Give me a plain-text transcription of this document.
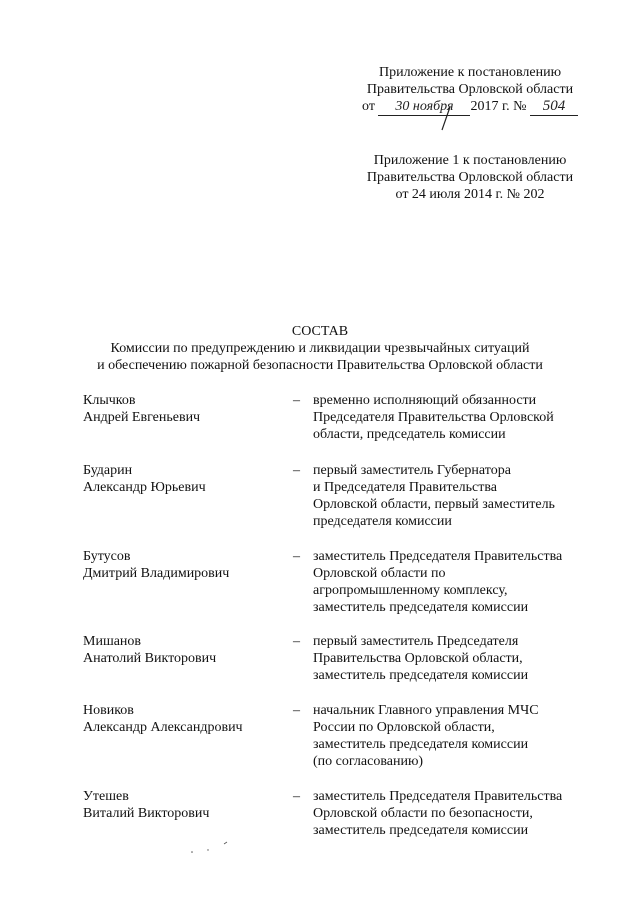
Приложение к постановлению
Правительства Орловской области
от 30 ноября 2017 г. № 504
Приложение 1 к постановлению
Правительства Орловской области
от 24 июля 2014 г. № 202
СОСТАВ
Комиссии по предупреждению и ликвидации чрезвычайных ситуаций
и обеспечению пожарной безопасности Правительства Орловской области
Клычков
Андрей Евгеньевич
– временно исполняющий обязанности
Председателя Правительства Орловской
области, председатель комиссии
Бударин
Александр Юрьевич
– первый заместитель Губернатора
и Председателя Правительства
Орловской области, первый заместитель
председателя комиссии
Бутусов
Дмитрий Владимирович
– заместитель Председателя Правительства
Орловской области по
агропромышленному комплексу,
заместитель председателя комиссии
Мишанов
Анатолий Викторович
– первый заместитель Председателя
Правительства Орловской области,
заместитель председателя комиссии
Новиков
Александр Александрович
– начальник Главного управления МЧС
России по Орловской области,
заместитель председателя комиссии
(по согласованию)
Утешев
Виталий Викторович
– заместитель Председателя Правительства
Орловской области по безопасности,
заместитель председателя комиссии
